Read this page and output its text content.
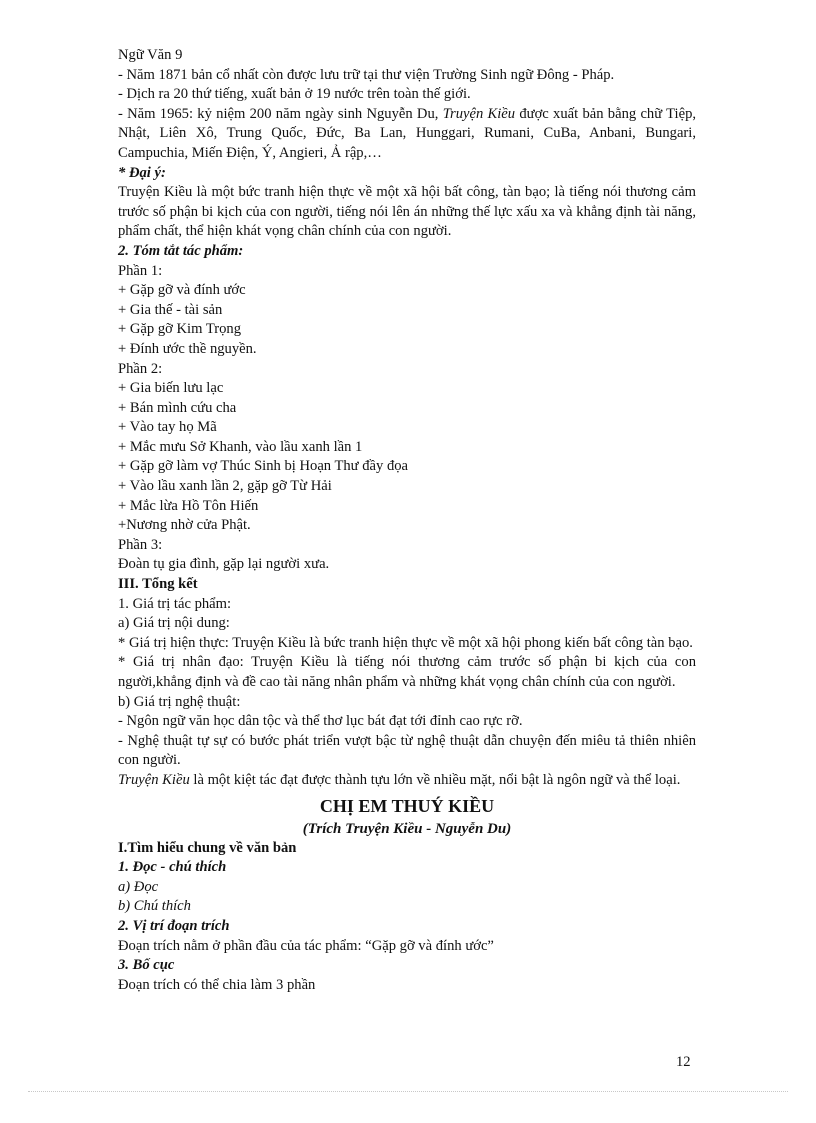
Ngữ Văn 9

- Năm 1871 bản cổ nhất còn được lưu trữ tại thư viện Trường Sinh ngữ Đông - Pháp.

- Dịch ra 20 thứ tiếng, xuất bản ở 19 nước trên toàn thế giới.

- Năm 1965: kỷ niệm 200 năm ngày sinh Nguyễn Du, Truyện Kiều được xuất bản bằng chữ Tiệp, Nhật, Liên Xô, Trung Quốc, Đức, Ba Lan, Hunggari, Rumani, CuBa, Anbani, Bungari, Campuchia, Miến Điện, Ý, Angieri, Ả rập,…

* Đại ý:

Truyện Kiều là một bức tranh hiện thực về một xã hội bất công, tàn bạo; là tiếng nói thương cảm trước số phận bi kịch của con người, tiếng nói lên án những thế lực xấu xa và khẳng định tài năng, phẩm chất, thể hiện khát vọng chân chính của con người.

2. Tóm tắt tác phẩm:

Phần 1:

+ Gặp gỡ và đính ước

+ Gia thế - tài sản

+ Gặp gỡ Kim Trọng

+ Đính ước thề nguyền.

Phần 2:

+ Gia biến lưu lạc

+ Bán mình cứu cha

+ Vào tay họ Mã

+ Mắc mưu Sở Khanh, vào lầu xanh lần 1

+ Gặp gỡ làm vợ Thúc Sinh bị Hoạn Thư đầy đọa

+ Vào lầu xanh lần 2, gặp gỡ Từ Hải

+ Mắc lừa Hồ Tôn Hiến

+Nương nhờ cửa Phật.

Phần 3:

Đoàn tụ gia đình, gặp lại người xưa.

III. Tổng kết

1. Giá trị tác phẩm:

a) Giá trị nội dung:

* Giá trị hiện thực: Truyện Kiều là bức tranh hiện thực về một xã hội phong kiến bất công tàn bạo.

* Giá trị nhân đạo: Truyện Kiều là tiếng nói thương cảm trước số phận bi kịch của con người,khẳng định và đề cao tài năng nhân phẩm và những khát vọng chân chính của con người.

b) Giá trị nghệ thuật:

- Ngôn ngữ văn học dân tộc và thể thơ lục bát đạt tới đỉnh cao rực rỡ.

- Nghệ thuật tự sự có bước phát triển vượt bậc từ nghệ thuật dẫn chuyện đến miêu tả thiên nhiên con người.

Truyện Kiều là một kiệt tác đạt được thành tựu lớn về nhiều mặt, nổi bật là ngôn ngữ và thể loại.

CHỊ EM THUÝ KIỀU

(Trích Truyện Kiều - Nguyễn Du)

I.Tìm hiểu chung về văn bản

1. Đọc - chú thích

a) Đọc

b) Chú thích

2. Vị trí đoạn trích

Đoạn trích nằm ở phần đầu của tác phẩm: “Gặp gỡ và đính ước”

3. Bố cục

Đoạn trích có thể chia làm 3 phần

12
